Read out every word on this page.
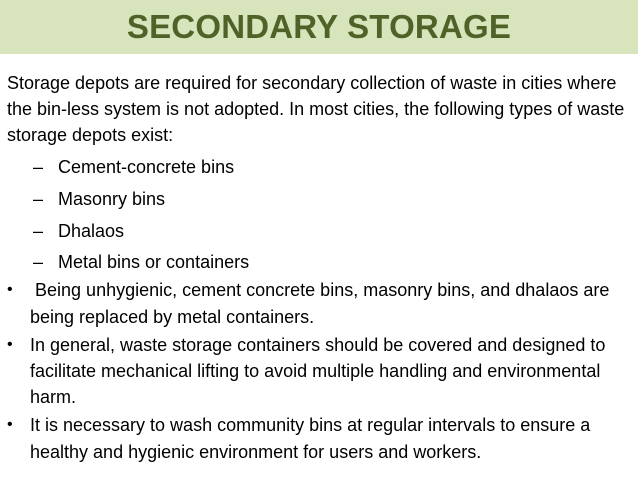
SECONDARY STORAGE

Storage depots are required for secondary collection of waste in cities where the bin-less system is not adopted. In most cities, the following types of waste storage depots exist:

– Cement-concrete bins
– Masonry bins
– Dhalaos
– Metal bins or containers
• Being unhygienic, cement concrete bins, masonry bins, and dhalaos are being replaced by metal containers.
• In general, waste storage containers should be covered and designed to facilitate mechanical lifting to avoid multiple handling and environmental harm.
• It is necessary to wash community bins at regular intervals to ensure a healthy and hygienic environment for users and workers.
